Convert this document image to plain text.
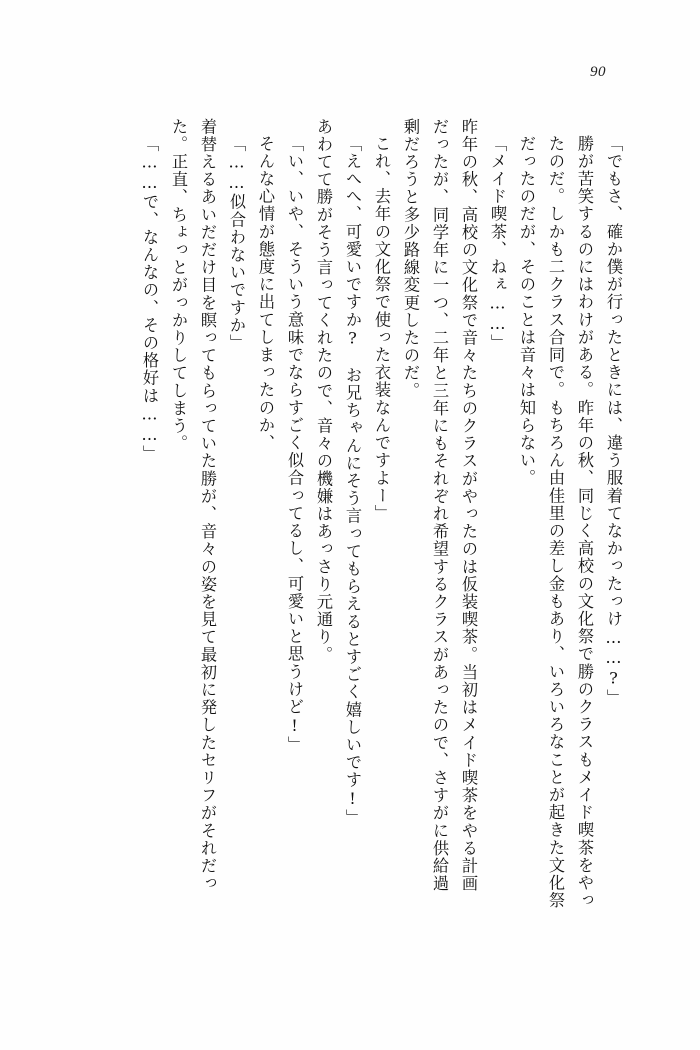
90
「……で、なんなの、その格好は……」	着替えるあいだだけ目を瞑ってもらっていた勝が、音々の姿を見て最初に発したセリフがそれだった。正直、ちょっとがっかりしてしまう。	「……似合わないですか」 そんな心情が態度に出てしまったのか、 「い、いや、そういう意味でならすごく似合ってるし、可愛いと思うけど!」 あわてて勝がそう言ってくれたので、音々の機嫌はあっさり元通り。 「えへへ、可愛いですか?　お兄ちゃんにそう言ってもらえるとすごく嬉しいです!」 これ、去年の文化祭で使った衣装なんですよー」	昨年の秋、高校の文化祭で音々たちのクラスがやったのは仮装喫茶。当初はメイド喫茶をやる計画だったが、同学年に一つ、二年と三年にもそれぞれ希望するクラスがあったので、さすがに供給過剰だろうと多少路線変更したのだ。	「メイド喫茶、ねぇ……」	勝が苦笑するのにはわけがある。昨年の秋、同じく高校の文化祭で勝のクラスもメイド喫茶をやったのだ。しかも二クラス合同で。もちろん由佳里の差し金もあり、いろいろなことが起きた文化祭だったのだが、そのことは音々は知らない。	「でもさ、確か僕が行ったときには、違う服着てなかったっけ……?」
